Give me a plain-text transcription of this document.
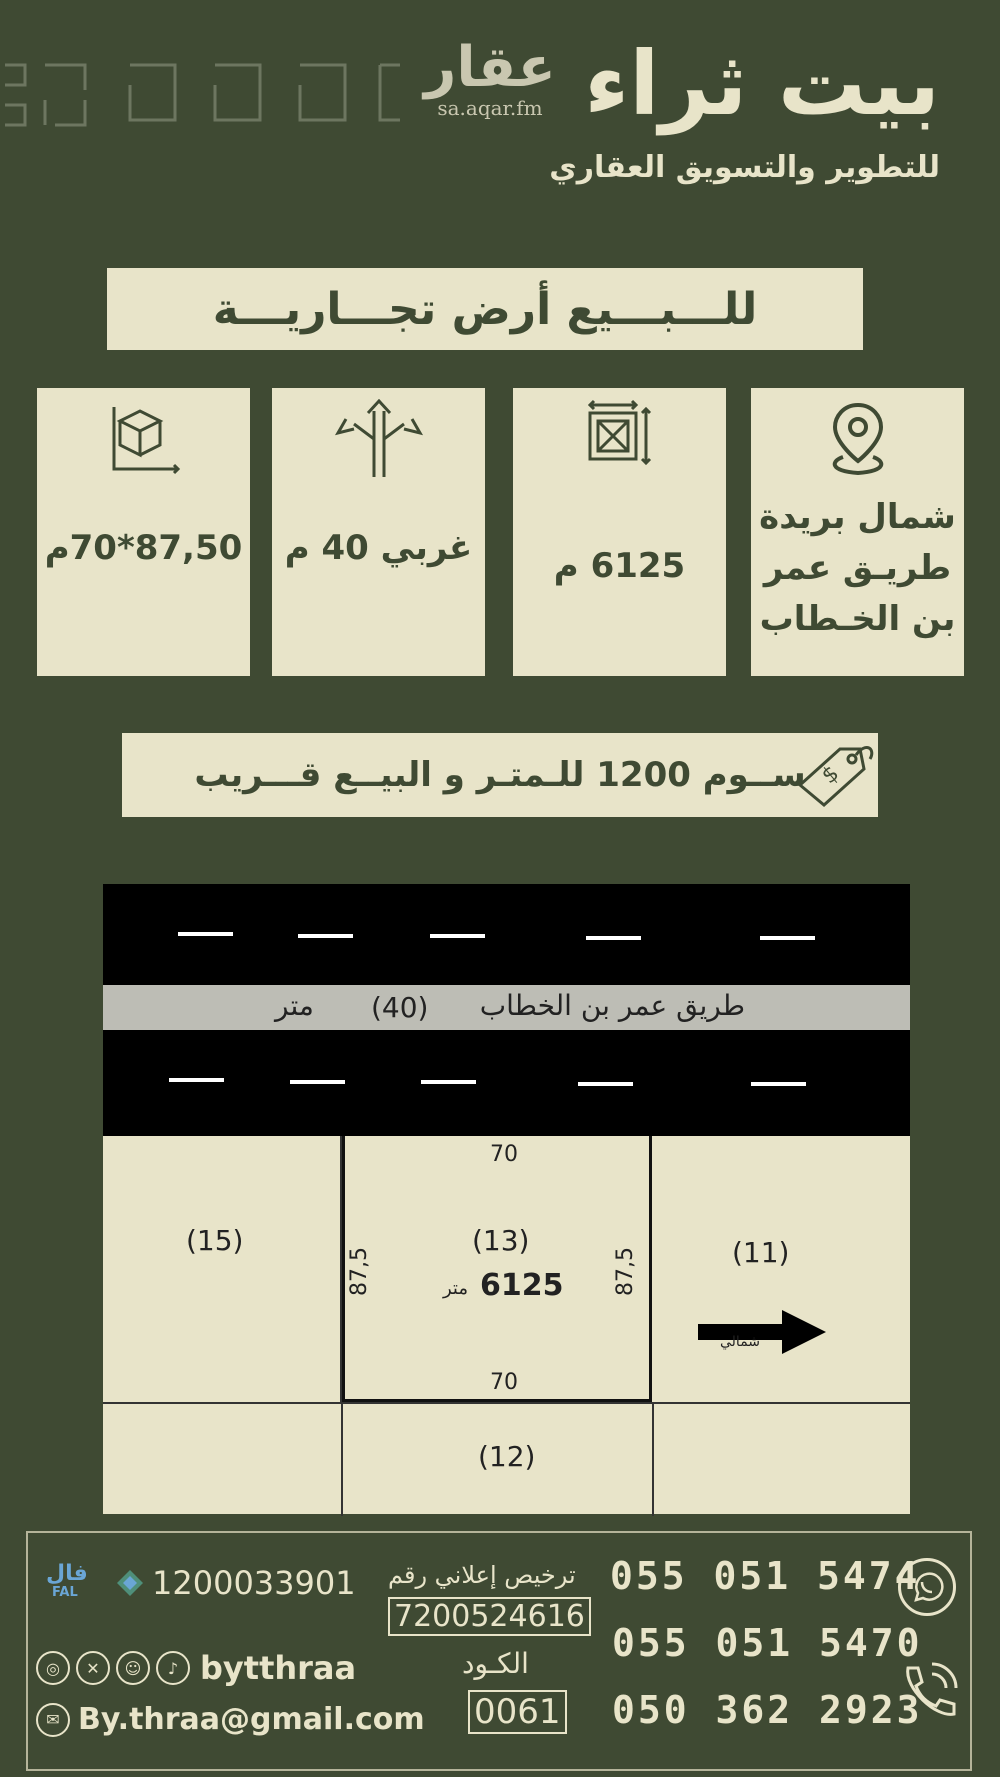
عقار
sa.aqar.fm بيت ثراء
للتطوير والتسويق العقاري
للـــبـــيع أرض تجـــاريـــة
شمال بريدة
طريـق عمر
بن الخـطاب
6125 م
غربي 40 م
87,50*70م
ســوم 1200 للـمتـر و البيــع قـــريب $
طريق عمر بن الخطاب
(40)
متر
(15)
70
(13)
6125
متر
87,5	87,5
70
(11)
شمالي
(12)
055 051 5474
055 051 5470
050 362 2923
ترخيص إعلاني رقم
7200524616
الكـود
0061
فال
FAL 1200033901
◎	✕	☺	♪ bytthraa
✉ By.thraa@gmail.com
